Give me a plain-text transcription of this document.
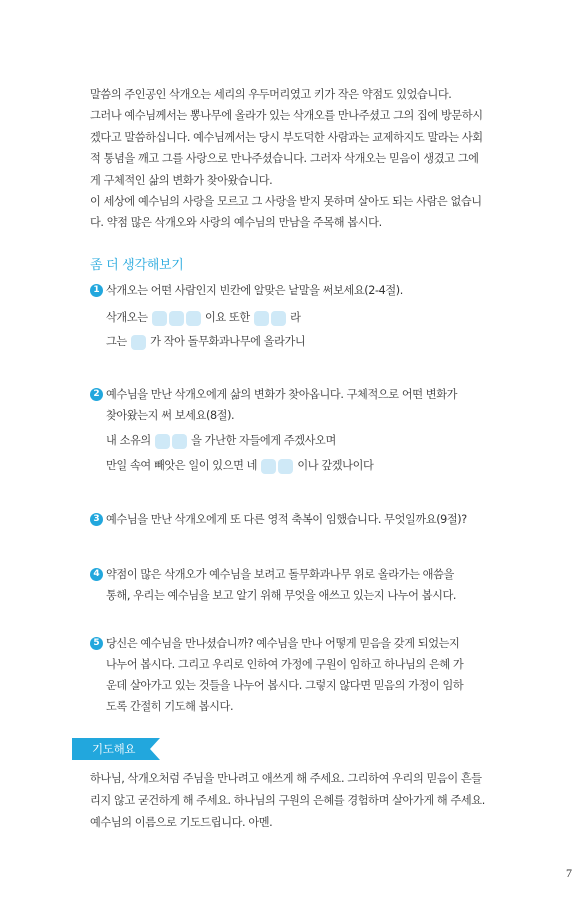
말씀의 주인공인 삭개오는 세리의 우두머리였고 키가 작은 약점도 있었습니다.

그러나 예수님께서는 뽕나무에 올라가 있는 삭개오를 만나주셨고 그의 집에 방문하시

겠다고 말씀하십니다. 예수님께서는 당시 부도덕한 사람과는 교제하지도 말라는 사회

적 통념을 깨고 그를 사랑으로 만나주셨습니다. 그러자 삭개오는 믿음이 생겼고 그에

게 구체적인 삶의 변화가 찾아왔습니다.

이 세상에 예수님의 사랑을 모르고 그 사랑을 받지 못하며 살아도 되는 사람은 없습니

다. 약점 많은 삭개오와 사랑의 예수님의 만남을 주목해 봅시다.

좀 더 생각해보기
1 삭개오는 어떤 사람인지 빈칸에 알맞은 낱말을 써보세요(2-4절).
삭개오는	이요 또한	라
그는 가 작아 돌무화과나무에 올라가니
2 예수님을 만난 삭개오에게 삶의 변화가 찾아옵니다. 구체적으로 어떤 변화가
찾아왔는지 써 보세요(8절).
내 소유의	을 가난한 자들에게 주겠사오며
만일 속여 빼앗은 일이 있으면 네	이나 갚겠나이다
3 예수님을 만난 삭개오에게 또 다른 영적 축복이 임했습니다. 무엇일까요(9절)?
4 약점이 많은 삭개오가 예수님을 보려고 돌무화과나무 위로 올라가는 애씀을
통해, 우리는 예수님을 보고 알기 위해 무엇을 애쓰고 있는지 나누어 봅시다.
5 당신은 예수님을 만나셨습니까? 예수님을 만나 어떻게 믿음을 갖게 되었는지
나누어 봅시다. 그리고 우리로 인하여 가정에 구원이 임하고 하나님의 은혜 가
운데 살아가고 있는 것들을 나누어 봅시다. 그렇지 않다면 믿음의 가정이 임하
도록 간절히 기도해 봅시다.
기도해요
하나님, 삭개오처럼 주님을 만나려고 애쓰게 해 주세요. 그리하여 우리의 믿음이 흔들
리지 않고 굳건하게 해 주세요. 하나님의 구원의 은혜를 경험하며 살아가게 해 주세요.
예수님의 이름으로 기도드립니다. 아멘.
7
